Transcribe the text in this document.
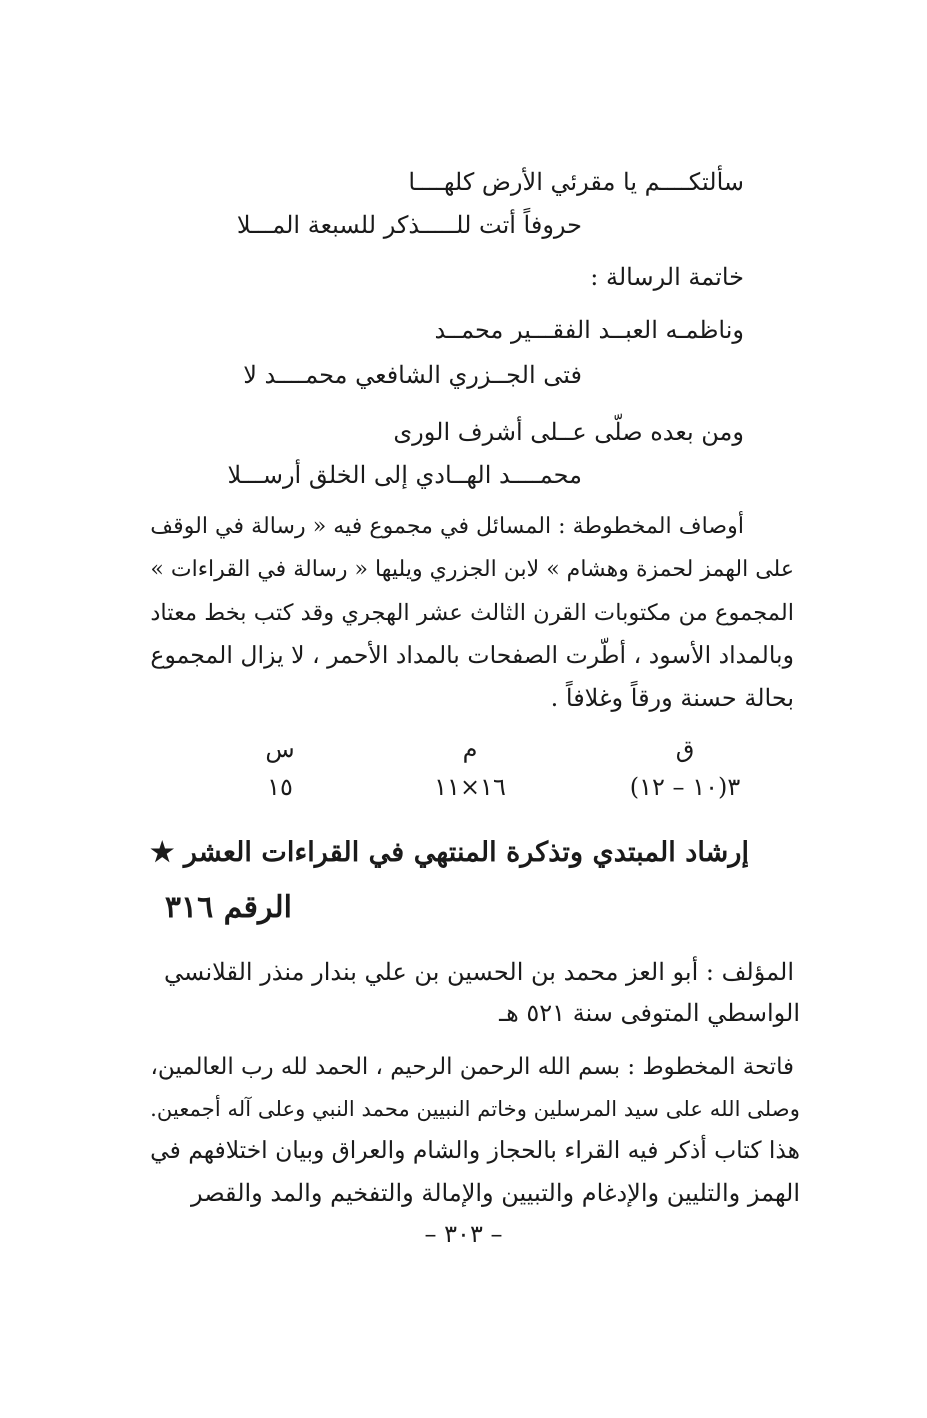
سألتكــــم يا مقرئي الأرض كلهــــا
حروفاً أتت للـــــذكر للسبعة المـــلا
خاتمة الرسالة :
وناظمـه العبــد الفقـــير محمــد
فتى الجــزري الشافعي محمــــد لا
ومن بعده صلّى عــلى أشرف الورى
محمــــد الهــادي إلى الخلق أرســـلا
أوصاف المخطوطة : المسائل في مجموع فيه « رسالة في الوقف
على الهمز لحمزة وهشام » لابن الجزري ويليها « رسالة في القراءات »
المجموع من مكتوبات القرن الثالث عشر الهجري وقد كتب بخط معتاد
وبالمداد الأسود ، أطّرت الصفحات بالمداد الأحمر ، لا يزال المجموع
بحالة حسنة ورقاً وغلافاً .
ق
م
س
٣(١٠ – ١٢)
١٦×١١
١٥
إرشاد المبتدي وتذكرة المنتهي في القراءات العشر ★
الرقم ٣١٦
المؤلف : أبو العز محمد بن الحسين بن علي بندار منذر القلانسي
الواسطي المتوفى سنة ٥٢١ هـ
فاتحة المخطوط : بسم الله الرحمن الرحيم ، الحمد لله رب العالمين،
وصلى الله على سيد المرسلين وخاتم النبيين محمد النبي وعلى آله أجمعين.
هذا كتاب أذكر فيه القراء بالحجاز والشام والعراق وبيان اختلافهم في
الهمز والتليين والإدغام والتبيين والإمالة والتفخيم والمد والقصر
– ٣٠٣ –
